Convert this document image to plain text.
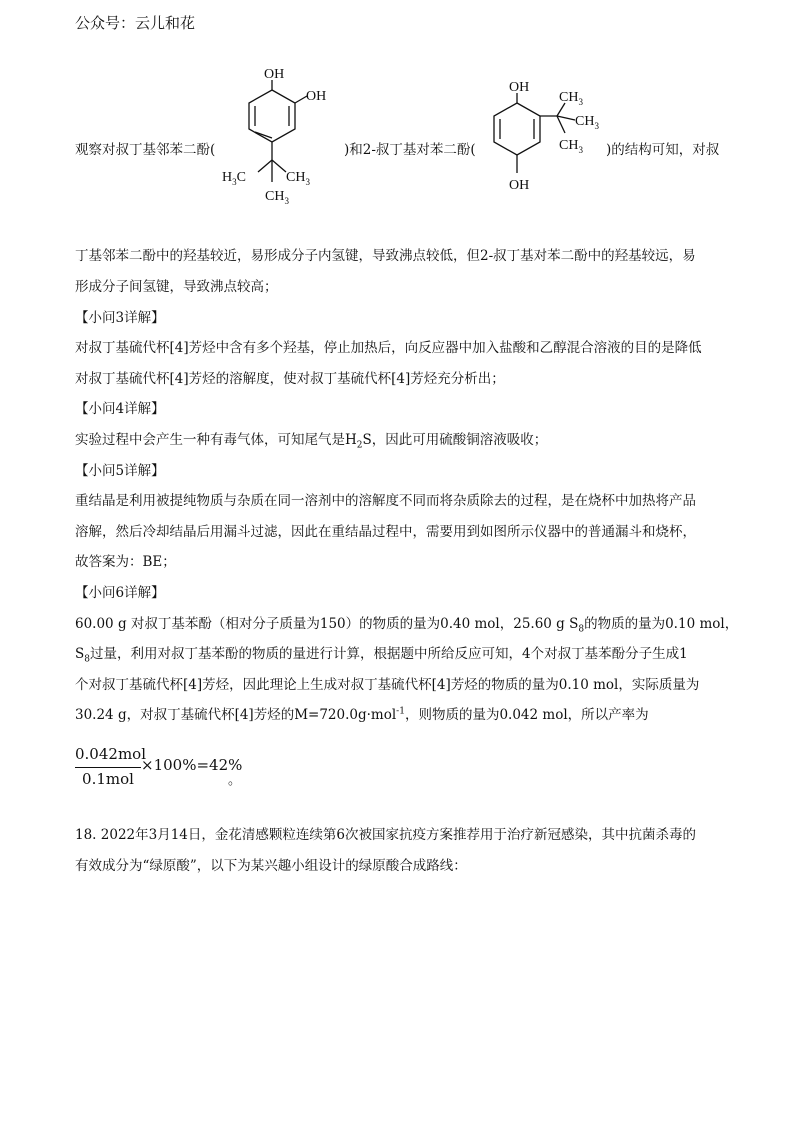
公众号：云儿和花
观察对叔丁基邻苯二酚(	)和2-叔丁基对苯二酚(	)的结构可知，对叔
OH
OH
$H_3C$	$CH_3$
$CH_3$
OH
OH
$CH_3$
$CH_3$
$CH_3$
丁基邻苯二酚中的羟基较近，易形成分子内氢键，导致沸点较低，但2-叔丁基对苯二酚中的羟基较远，易
形成分子间氢键，导致沸点较高；
【小问3详解】
对叔丁基硫代杯[4]芳烃中含有多个羟基，停止加热后，向反应器中加入盐酸和乙醇混合溶液的目的是降低
对叔丁基硫代杯[4]芳烃的溶解度，使对叔丁基硫代杯[4]芳烃充分析出；
【小问4详解】
实验过程中会产生一种有毒气体，可知尾气是$H_2S$，因此可用硫酸铜溶液吸收；
【小问5详解】
重结晶是利用被提纯物质与杂质在同一溶剂中的溶解度不同而将杂质除去的过程，是在烧杯中加热将产品
溶解，然后冷却结晶后用漏斗过滤，因此在重结晶过程中，需要用到如图所示仪器中的普通漏斗和烧杯，
故答案为：BE；
【小问6详解】
60.00 g 对叔丁基苯酚（相对分子质量为150）的物质的量为0.40 mol，25.60 g $S_8$的物质的量为0.10 mol，
$S_8$过量，利用对叔丁基苯酚的物质的量进行计算，根据题中所给反应可知，4个对叔丁基苯酚分子生成1
个对叔丁基硫代杯[4]芳烃，因此理论上生成对叔丁基硫代杯[4]芳烃的物质的量为0.10 mol，实际质量为
30.24 g，对叔丁基硫代杯[4]芳烃的M=720.0g·mol$^{-1}$，则物质的量为0.042 mol，所以产率为
0.042mol
0.1mol
×100%=42%
。
18. 2022年3月14日，金花清感颗粒连续第6次被国家抗疫方案推荐用于治疗新冠感染，其中抗菌杀毒的
有效成分为“绿原酸”，以下为某兴趣小组设计的绿原酸合成路线：
